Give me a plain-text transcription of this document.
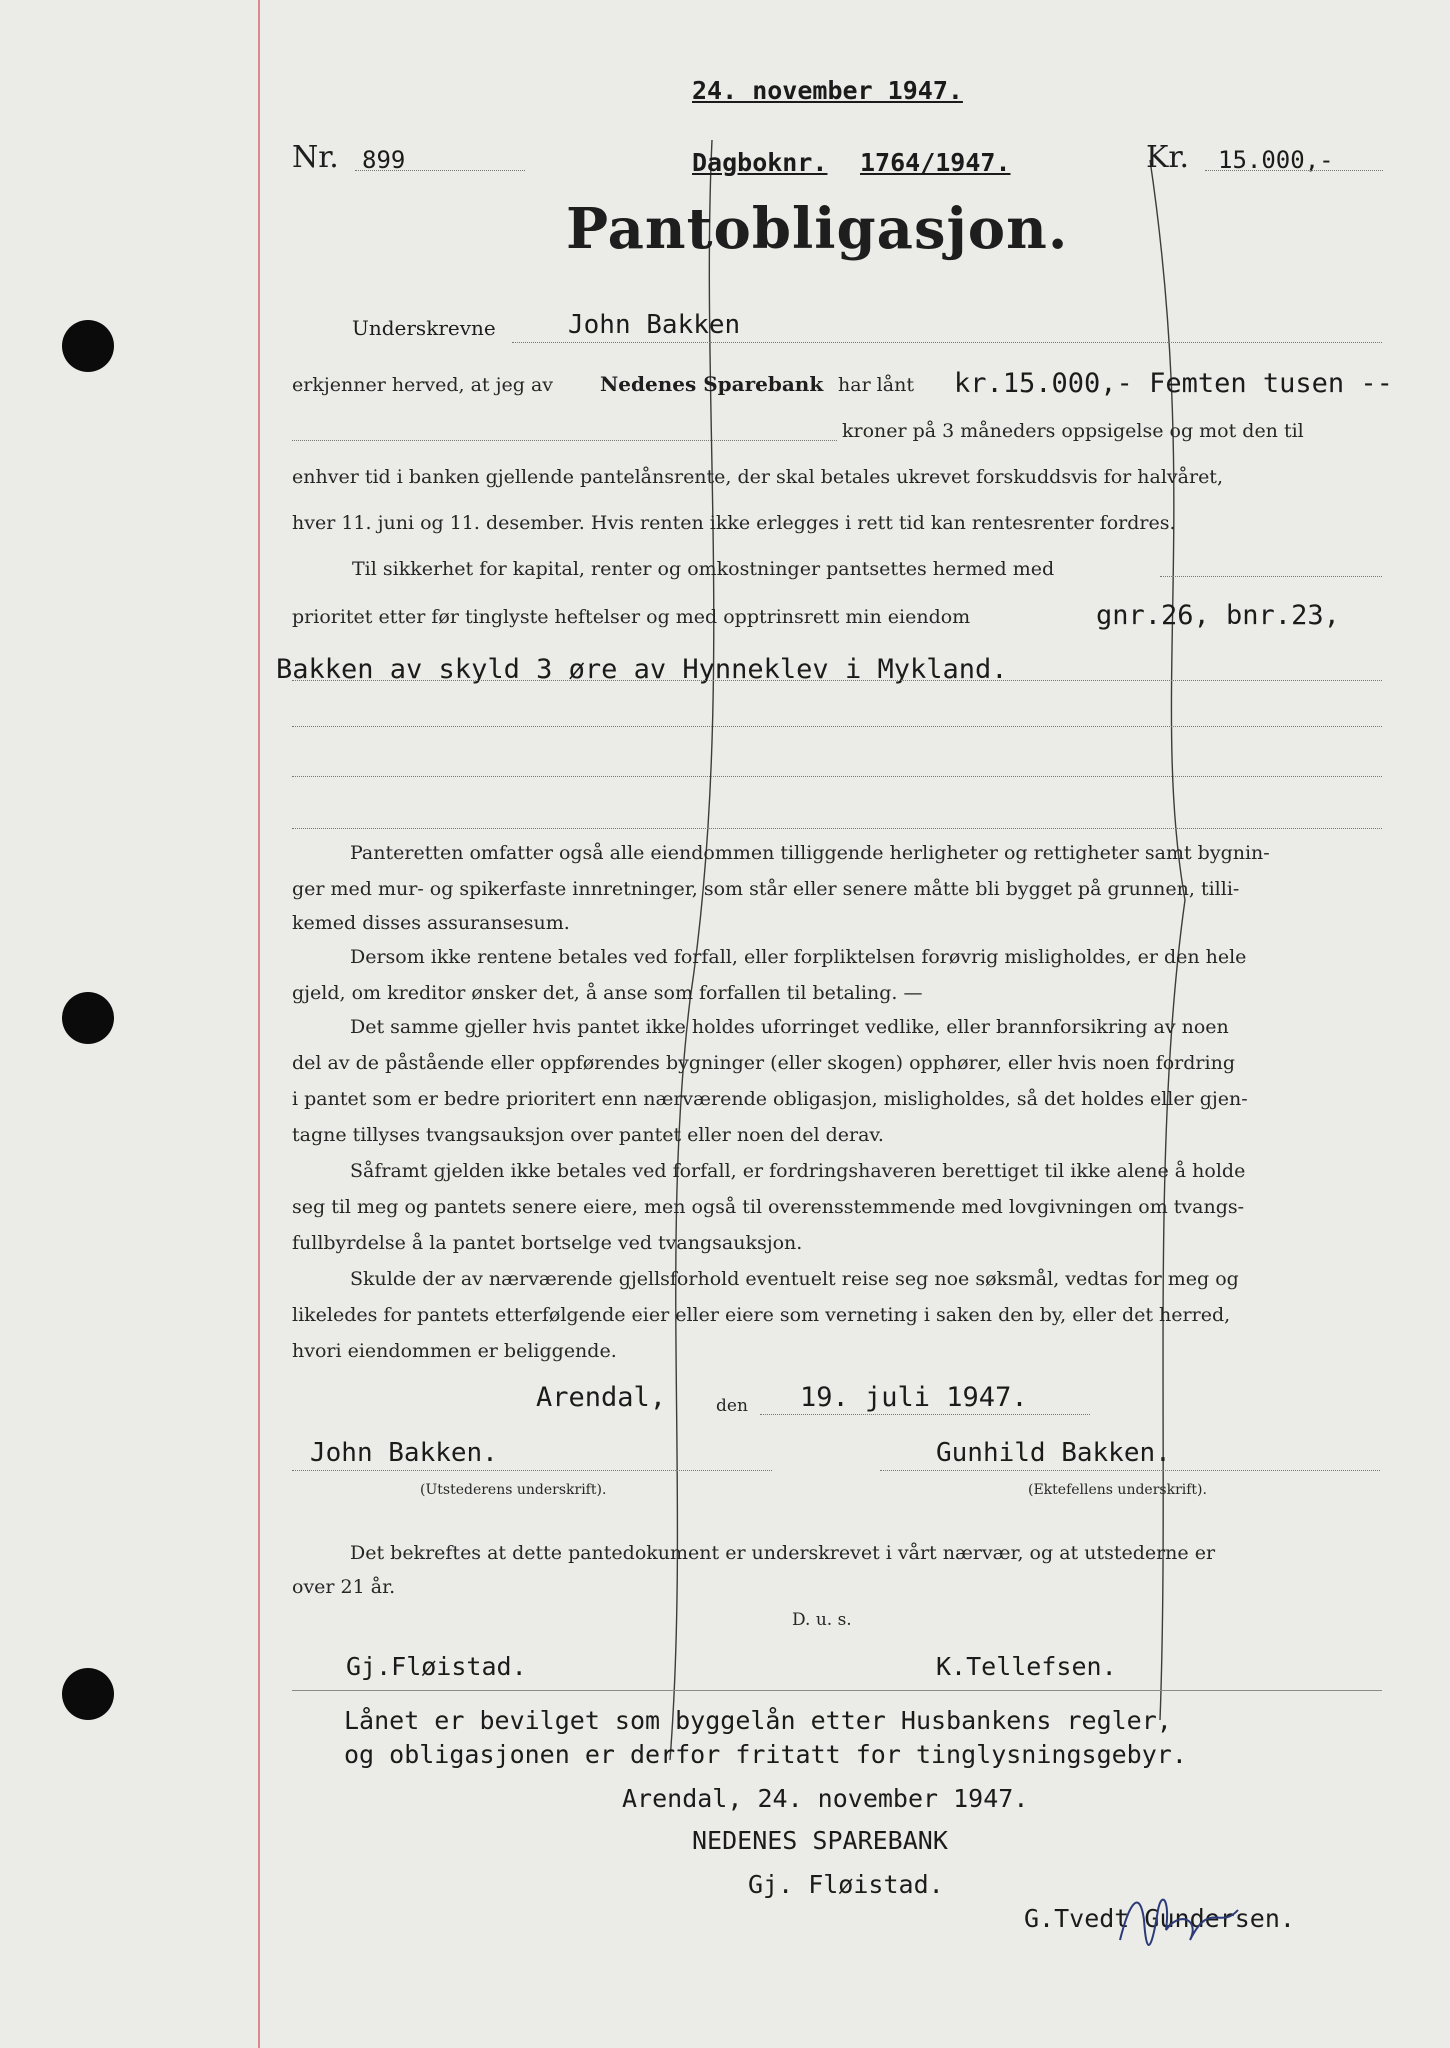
24. november 1947.
Nr. 899	Dagboknr. 1764/1947.	Kr. 15.000,-
Pantobligasjon.
Underskrevne	John Bakken
erkjenner herved, at jeg av Nedenes Sparebank har lånt kr.15.000,- Femten tusen --
kroner på 3 måneders oppsigelse og mot den til
enhver tid i banken gjellende pantelånsrente, der skal betales ukrevet forskuddsvis for halvåret,
hver 11. juni og 11. desember. Hvis renten ikke erlegges i rett tid kan rentesrenter fordres.
Til sikkerhet for kapital, renter og omkostninger pantsettes hermed med
prioritet etter før tinglyste heftelser og med opptrinsrett min eiendom	gnr.26, bnr.23,
Bakken av skyld 3 øre av Hynneklev i Mykland.
Panteretten omfatter også alle eiendommen tilliggende herligheter og rettigheter samt bygnin-
ger med mur- og spikerfaste innretninger, som står eller senere måtte bli bygget på grunnen, tilli-
kemed disses assuransesum.
Dersom ikke rentene betales ved forfall, eller forpliktelsen forøvrig misligholdes, er den hele
gjeld, om kreditor ønsker det, å anse som forfallen til betaling. —
Det samme gjeller hvis pantet ikke holdes uforringet vedlike, eller brannforsikring av noen
del av de påstående eller oppførendes bygninger (eller skogen) opphører, eller hvis noen fordring
i pantet som er bedre prioritert enn nærværende obligasjon, misligholdes, så det holdes eller gjen-
tagne tillyses tvangsauksjon over pantet eller noen del derav.
Såframt gjelden ikke betales ved forfall, er fordringshaveren berettiget til ikke alene å holde
seg til meg og pantets senere eiere, men også til overensstemmende med lovgivningen om tvangs-
fullbyrdelse å la pantet bortselge ved tvangsauksjon.
Skulde der av nærværende gjellsforhold eventuelt reise seg noe søksmål, vedtas for meg og
likeledes for pantets etterfølgende eier eller eiere som verneting i saken den by, eller det herred,
hvori eiendommen er beliggende.
Arendal,	den 19. juli 1947.
John Bakken.
(Utstederens underskrift).
Gunhild Bakken.
(Ektefellens underskrift).
Det bekreftes at dette pantedokument er underskrevet i vårt nærvær, og at utstederne er
over 21 år.
D. u. s.
Gj.Fløistad.	K.Tellefsen.
Lånet er bevilget som byggelån etter Husbankens regler,
og obligasjonen er derfor fritatt for tinglysningsgebyr.
Arendal, 24. november 1947.
NEDENES SPAREBANK
Gj. Fløistad.
G.Tvedt Gundersen.
